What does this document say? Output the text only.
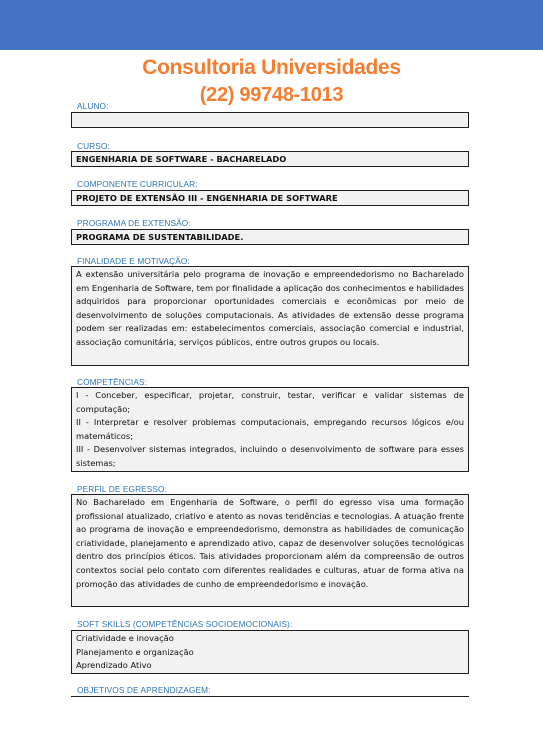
Consultoria Universidades
(22) 99748-1013
ALUNO:
CURSO:
ENGENHARIA DE SOFTWARE - BACHARELADO
COMPONENTE CURRICULAR:
PROJETO DE EXTENSÃO III - ENGENHARIA DE SOFTWARE
PROGRAMA DE EXTENSÃO:
PROGRAMA DE SUSTENTABILIDADE.
FINALIDADE E MOTIVAÇÃO:
A extensão universitária pelo programa de inovação e empreendedorismo no Bacharelado em Engenharia de Software, tem por finalidade a aplicação dos conhecimentos e habilidades adquiridos para proporcionar oportunidades comerciais e econômicas por meio de desenvolvimento de soluções computacionais. As atividades de extensão desse programa podem ser realizadas em: estabelecimentos comerciais, associação comercial e industrial, associação comunitária, serviços públicos, entre outros grupos ou locais.
COMPETÊNCIAS:
I - Conceber, especificar, projetar, construir, testar, verificar e validar sistemas de computação;
II - Interpretar e resolver problemas computacionais, empregando recursos lógicos e/ou matemáticos;
III - Desenvolver sistemas integrados, incluindo o desenvolvimento de software para esses sistemas;
PERFIL DE EGRESSO:
No Bacharelado em Engenharia de Software, o perfil do egresso visa uma formação profissional atualizado, criativo e atento as novas tendências e tecnologias. A atuação frente ao programa de inovação e empreendedorismo, demonstra as habilidades de comunicação criatividade, planejamento e aprendizado ativo, capaz de desenvolver soluções tecnológicas dentro dos princípios éticos. Tais atividades proporcionam além da compreensão de outros contextos social pelo contato com diferentes realidades e culturas, atuar de forma ativa na promoção das atividades de cunho de empreendedorismo e inovação.
SOFT SKILLS (COMPETÊNCIAS SOCIOEMOCIONAIS):
Criatividade e inovação
Planejamento e organização
Aprendizado Ativo
OBJETIVOS DE APRENDIZAGEM:
